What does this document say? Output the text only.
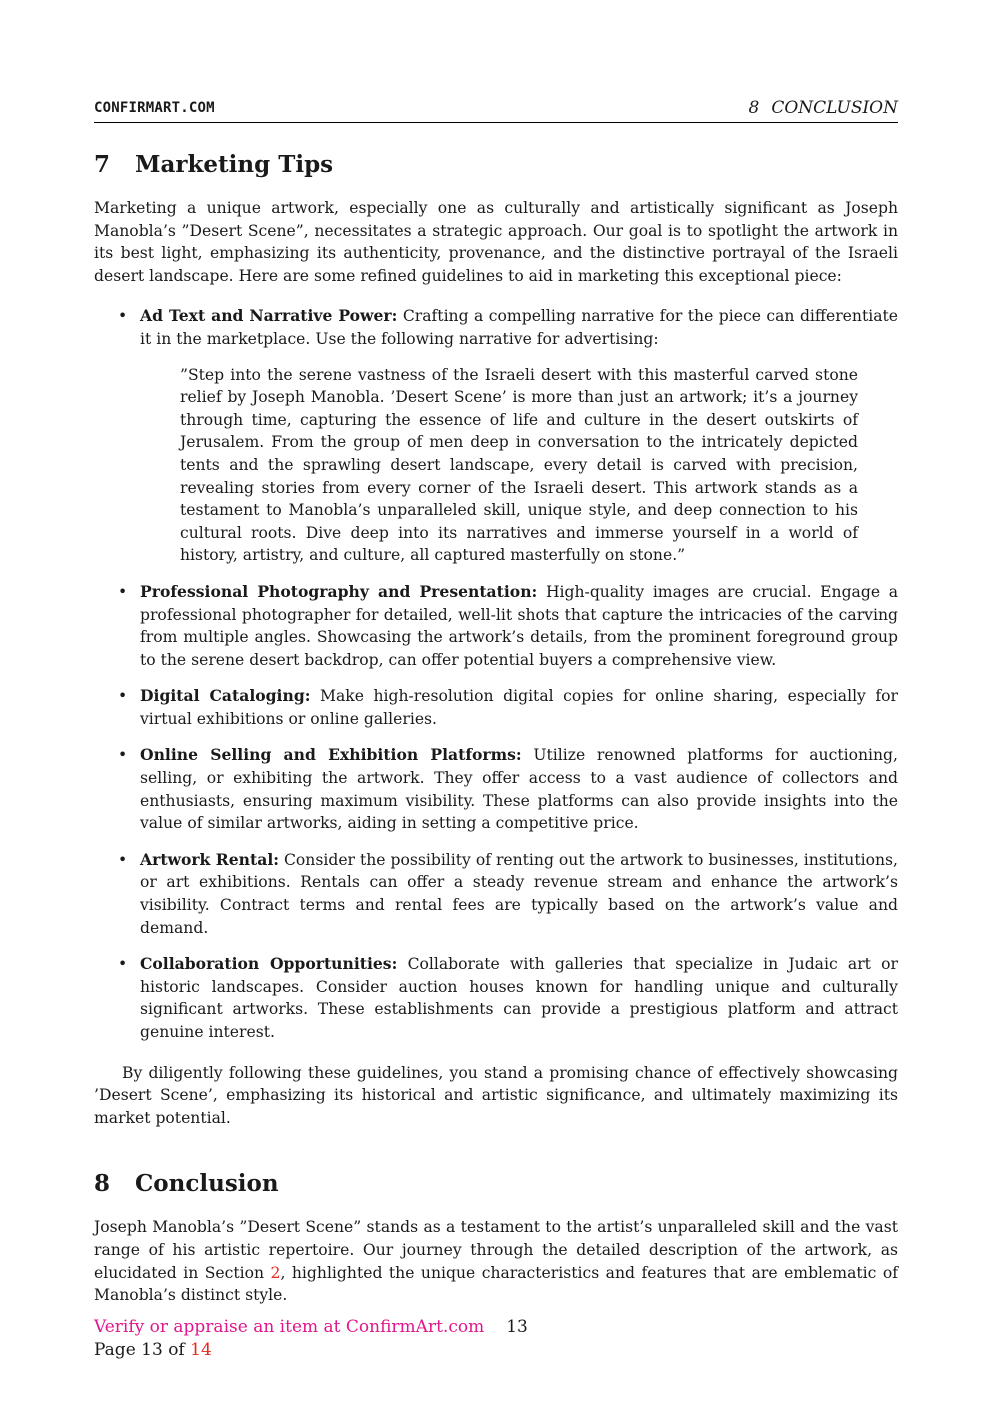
CONFIRMART.COM	8 CONCLUSION
7 Marketing Tips

Marketing a unique artwork, especially one as culturally and artistically significant as Joseph Manobla’s ”Desert Scene”, necessitates a strategic approach. Our goal is to spotlight the artwork in its best light, emphasizing its authenticity, provenance, and the distinctive portrayal of the Israeli desert landscape. Here are some refined guidelines to aid in marketing this exceptional piece:

• Ad Text and Narrative Power: Crafting a compelling narrative for the piece can differentiate it in the marketplace. Use the following narrative for advertising:
”Step into the serene vastness of the Israeli desert with this masterful carved stone relief by Joseph Manobla. ’Desert Scene’ is more than just an artwork; it’s a journey through time, capturing the essence of life and culture in the desert outskirts of Jerusalem. From the group of men deep in conversation to the intricately depicted tents and the sprawling desert landscape, every detail is carved with precision, revealing stories from every corner of the Israeli desert. This artwork stands as a testament to Manobla’s unparalleled skill, unique style, and deep connection to his cultural roots. Dive deep into its narratives and immerse yourself in a world of history, artistry, and culture, all captured masterfully on stone.”
• Professional Photography and Presentation: High-quality images are crucial. Engage a professional photographer for detailed, well-lit shots that capture the intricacies of the carving from multiple angles. Showcasing the artwork’s details, from the prominent foreground group to the serene desert backdrop, can offer potential buyers a comprehensive view.
• Digital Cataloging: Make high-resolution digital copies for online sharing, especially for virtual exhibitions or online galleries.
• Online Selling and Exhibition Platforms: Utilize renowned platforms for auctioning, selling, or exhibiting the artwork. They offer access to a vast audience of collectors and enthusiasts, ensuring maximum visibility. These platforms can also provide insights into the value of similar artworks, aiding in setting a competitive price.
• Artwork Rental: Consider the possibility of renting out the artwork to businesses, institutions, or art exhibitions. Rentals can offer a steady revenue stream and enhance the artwork’s visibility. Contract terms and rental fees are typically based on the artwork’s value and demand.
• Collaboration Opportunities: Collaborate with galleries that specialize in Judaic art or historic landscapes. Consider auction houses known for handling unique and culturally significant artworks. These establishments can provide a prestigious platform and attract genuine interest.

By diligently following these guidelines, you stand a promising chance of effectively showcasing ’Desert Scene’, emphasizing its historical and artistic significance, and ultimately maximizing its market potential.

8 Conclusion

Joseph Manobla’s ”Desert Scene” stands as a testament to the artist’s unparalleled skill and the vast range of his artistic repertoire. Our journey through the detailed description of the artwork, as elucidated in Section 2, highlighted the unique characteristics and features that are emblematic of Manobla’s distinct style.

Verify or appraise an item at ConfirmArt.com 13
Page 13 of 14
